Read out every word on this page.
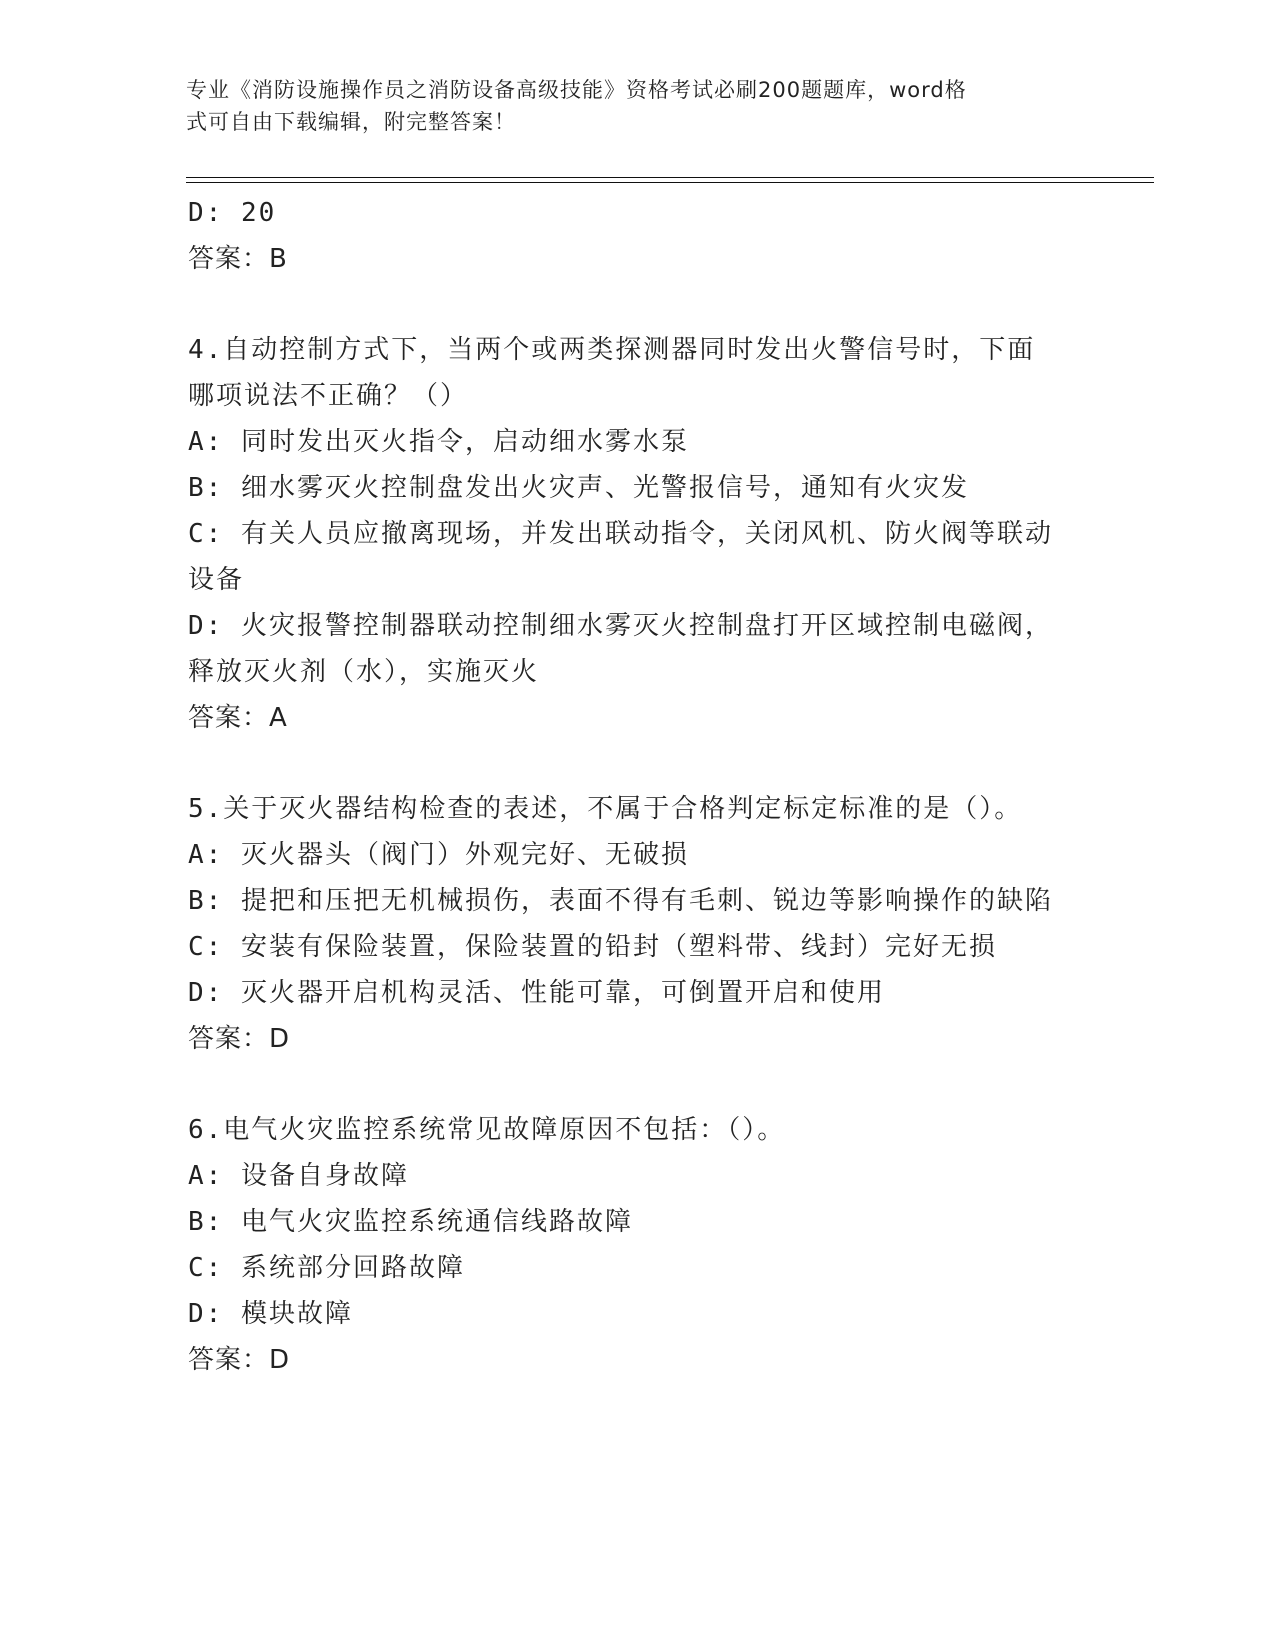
专业《消防设施操作员之消防设备高级技能》资格考试必刷200题题库，word格
式可自由下载编辑，附完整答案！
D: 20
答案：B
4.自动控制方式下，当两个或两类探测器同时发出火警信号时，下面
哪项说法不正确？（）
A: 同时发出灭火指令，启动细水雾水泵
B: 细水雾灭火控制盘发出火灾声、光警报信号，通知有火灾发
C: 有关人员应撤离现场，并发出联动指令，关闭风机、防火阀等联动
设备
D: 火灾报警控制器联动控制细水雾灭火控制盘打开区域控制电磁阀，
释放灭火剂（水），实施灭火
答案：A
5.关于灭火器结构检查的表述，不属于合格判定标定标准的是（）。
A: 灭火器头（阀门）外观完好、无破损
B: 提把和压把无机械损伤，表面不得有毛刺、锐边等影响操作的缺陷
C: 安装有保险装置，保险装置的铅封（塑料带、线封）完好无损
D: 灭火器开启机构灵活、性能可靠，可倒置开启和使用
答案：D
6.电气火灾监控系统常见故障原因不包括：（）。
A: 设备自身故障
B: 电气火灾监控系统通信线路故障
C: 系统部分回路故障
D: 模块故障
答案：D
